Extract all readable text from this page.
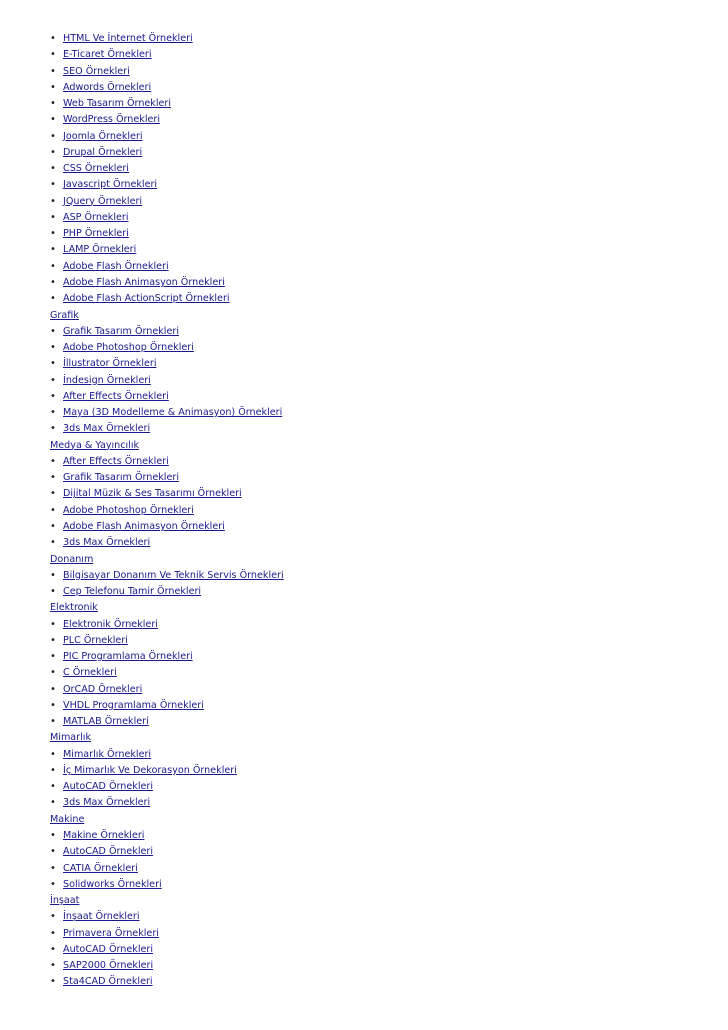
• HTML Ve İnternet Örnekleri
• E-Ticaret Örnekleri
• SEO Örnekleri
• Adwords Örnekleri
• Web Tasarım Örnekleri
• WordPress Örnekleri
• Joomla Örnekleri
• Drupal Örnekleri
• CSS Örnekleri
• Javascript Örnekleri
• JQuery Örnekleri
• ASP Örnekleri
• PHP Örnekleri
• LAMP Örnekleri
• Adobe Flash Örnekleri
• Adobe Flash Animasyon Örnekleri
• Adobe Flash ActionScript Örnekleri
Grafik
• Grafik Tasarım Örnekleri
• Adobe Photoshop Örnekleri
• İllustrator Örnekleri
• İndesign Örnekleri
• After Effects Örnekleri
• Maya (3D Modelleme & Animasyon) Örnekleri
• 3ds Max Örnekleri
Medya & Yayıncılık
• After Effects Örnekleri
• Grafik Tasarım Örnekleri
• Dijital Müzik & Ses Tasarımı Örnekleri
• Adobe Photoshop Örnekleri
• Adobe Flash Animasyon Örnekleri
• 3ds Max Örnekleri
Donanım
• Bilgisayar Donanım Ve Teknik Servis Örnekleri
• Cep Telefonu Tamir Örnekleri
Elektronik
• Elektronik Örnekleri
• PLC Örnekleri
• PIC Programlama Örnekleri
• C Örnekleri
• OrCAD Örnekleri
• VHDL Programlama Örnekleri
• MATLAB Örnekleri
Mimarlık
• Mimarlık Örnekleri
• İç Mimarlık Ve Dekorasyon Örnekleri
• AutoCAD Örnekleri
• 3ds Max Örnekleri
Makine
• Makine Örnekleri
• AutoCAD Örnekleri
• CATIA Örnekleri
• Solidworks Örnekleri
İnşaat
• İnşaat Örnekleri
• Primavera Örnekleri
• AutoCAD Örnekleri
• SAP2000 Örnekleri
• Sta4CAD Örnekleri
